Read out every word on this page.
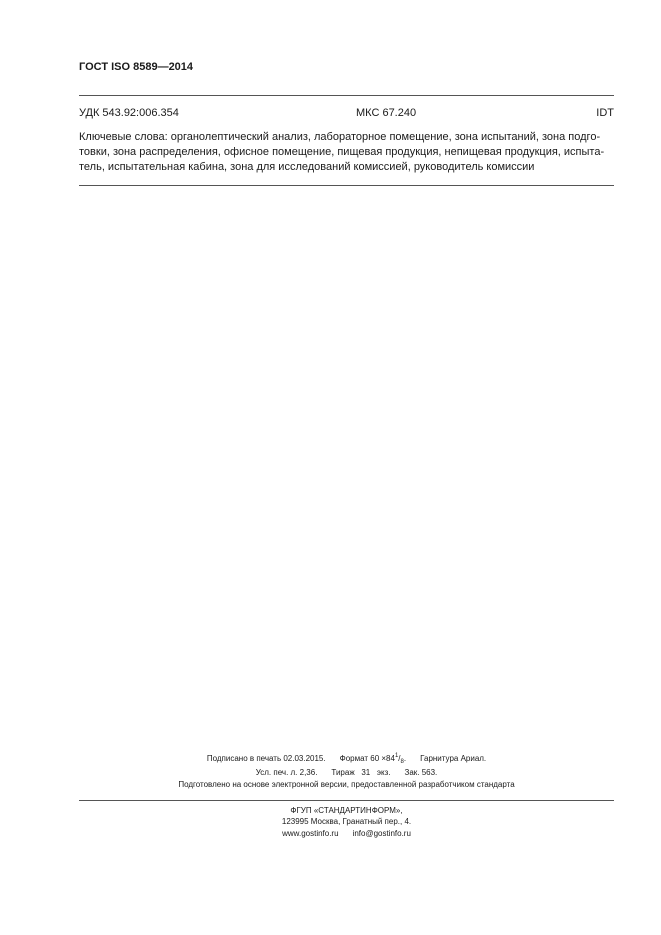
ГОСТ ISO 8589—2014
УДК 543.92:006.354	МКС 67.240	IDT
Ключевые слова: органолептический анализ, лабораторное помещение, зона испытаний, зона подго-
товки, зона распределения, офисное помещение, пищевая продукция, непищевая продукция, испыта-
тель, испытательная кабина, зона для исследований комиссией, руководитель комиссии
Подписано в печать 02.03.2015. Формат $60 \times 84^1/_8$. Гарнитура Ариал.
Усл. печ. л. 2,36. Тираж   31   экз. Зак. 563.
Подготовлено на основе электронной версии, предоставленной разработчиком стандарта
ФГУП «СТАНДАРТИНФОРМ»,
123995 Москва, Гранатный пер., 4.
www.gostinfo.ru info@gostinfo.ru
